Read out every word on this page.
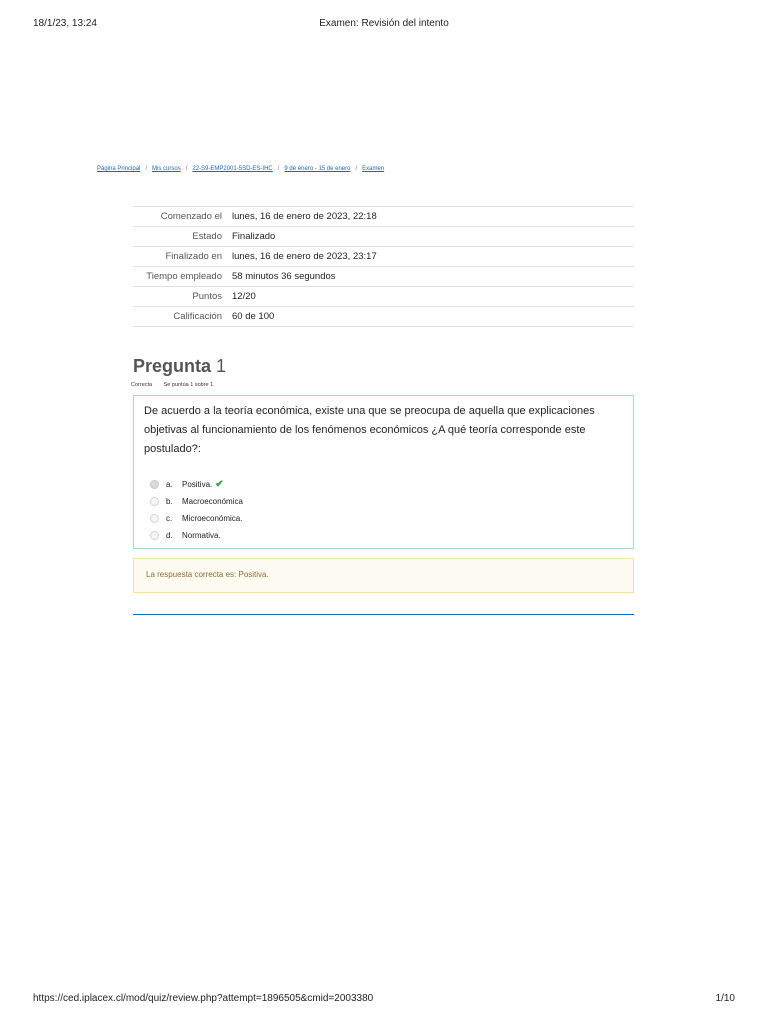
18/1/23, 13:24	Examen: Revisión del intento
Página Principal / Mis cursos / 22-S9-EMP2001-5SD-ES-IHC / 9 de enero - 15 de enero / Examen
Comenzado el	lunes, 16 de enero de 2023, 22:18
Estado	Finalizado
Finalizado en	lunes, 16 de enero de 2023, 23:17
Tiempo empleado	58 minutos 36 segundos
Puntos	12/20
Calificación	60 de 100
Pregunta 1
Correcta Se puntúa 1 sobre 1
De acuerdo a la teoría económica, existe una que se preocupa de aquella que explicaciones objetivas al funcionamiento de los fenómenos económicos ¿A qué teoría corresponde este postulado?:
a.	Positiva. ✔
b.	Macroeconómica
c.	Microeconómica.
d.	Normativa.
La respuesta correcta es: Positiva.
https://ced.iplacex.cl/mod/quiz/review.php?attempt=1896505&cmid=2003380	1/10
